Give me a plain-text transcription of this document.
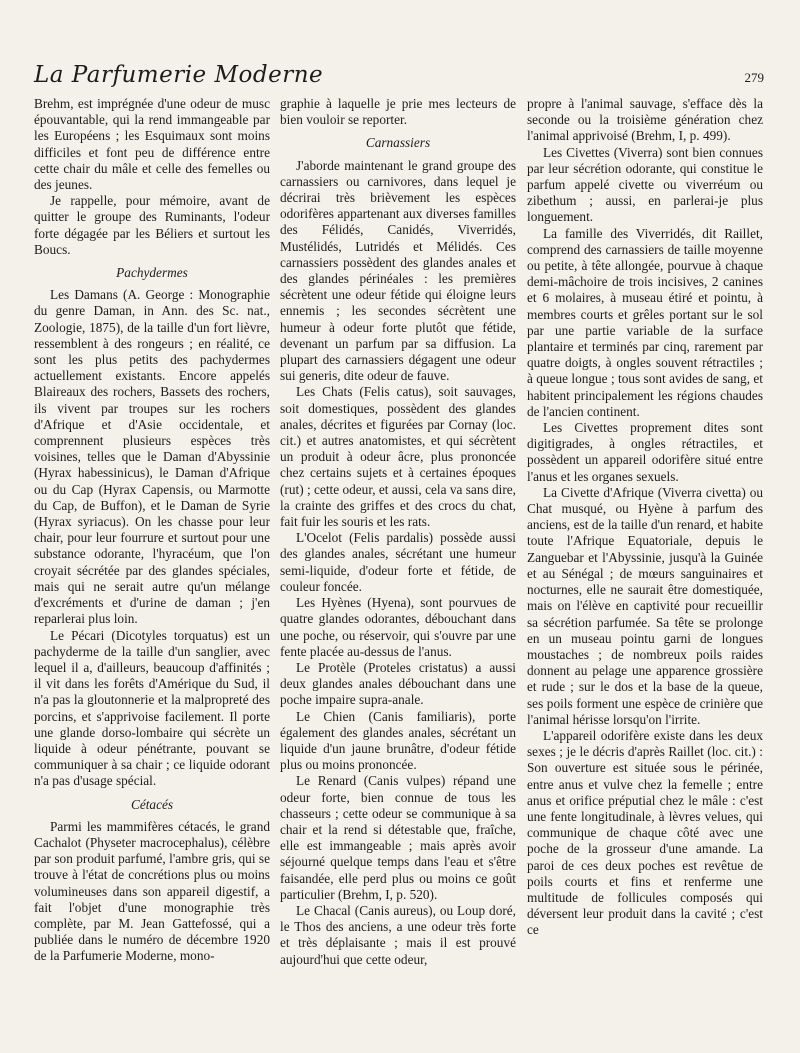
La Parfumerie Moderne	279

Brehm, est imprégnée d'une odeur de musc épouvantable, qui la rend immangeable par les Européens ; les Esquimaux sont moins difficiles et font peu de différence entre cette chair du mâle et celle des femelles ou des jeunes.

Je rappelle, pour mémoire, avant de quitter le groupe des Ruminants, l'odeur forte dégagée par les Béliers et surtout les Boucs.

Pachydermes

Les Damans (A. George : Monographie du genre Daman, in Ann. des Sc. nat., Zoologie, 1875), de la taille d'un fort lièvre, ressemblent à des rongeurs ; en réalité, ce sont les plus petits des pachydermes actuellement existants. Encore appelés Blaireaux des rochers, Bassets des rochers, ils vivent par troupes sur les rochers d'Afrique et d'Asie occidentale, et comprennent plusieurs espèces très voisines, telles que le Daman d'Abyssinie (Hyrax habessinicus), le Daman d'Afrique ou du Cap (Hyrax Capensis, ou Marmotte du Cap, de Buffon), et le Daman de Syrie (Hyrax syriacus). On les chasse pour leur chair, pour leur fourrure et surtout pour une substance odorante, l'hyracéum, que l'on croyait sécrétée par des glandes spéciales, mais qui ne serait autre qu'un mélange d'excréments et d'urine de daman ; j'en reparlerai plus loin.

Le Pécari (Dicotyles torquatus) est un pachyderme de la taille d'un sanglier, avec lequel il a, d'ailleurs, beaucoup d'affinités ; il vit dans les forêts d'Amérique du Sud, il n'a pas la gloutonnerie et la malpropreté des porcins, et s'apprivoise facilement. Il porte une glande dorso-lombaire qui sécrète un liquide à odeur pénétrante, pouvant se communiquer à sa chair ; ce liquide odorant n'a pas d'usage spécial.

Cétacés

Parmi les mammifères cétacés, le grand Cachalot (Physeter macrocephalus), célèbre par son produit parfumé, l'ambre gris, qui se trouve à l'état de concrétions plus ou moins volumineuses dans son appareil digestif, a fait l'objet d'une monographie très complète, par M. Jean Gattefossé, qui a publiée dans le numéro de décembre 1920 de la Parfumerie Moderne, mono-

graphie à laquelle je prie mes lecteurs de bien vouloir se reporter.

Carnassiers

J'aborde maintenant le grand groupe des carnassiers ou carnivores, dans lequel je décrirai très brièvement les espèces odorifères appartenant aux diverses familles des Félidés, Canidés, Viverridés, Mustélidés, Lutridés et Mélidés. Ces carnassiers possèdent des glandes anales et des glandes périnéales : les premières sécrètent une odeur fétide qui éloigne leurs ennemis ; les secondes sécrètent une humeur à odeur forte plutôt que fétide, devenant un parfum par sa diffusion. La plupart des carnassiers dégagent une odeur sui generis, dite odeur de fauve.

Les Chats (Felis catus), soit sauvages, soit domestiques, possèdent des glandes anales, décrites et figurées par Cornay (loc. cit.) et autres anatomistes, et qui sécrètent un produit à odeur âcre, plus prononcée chez certains sujets et à certaines époques (rut) ; cette odeur, et aussi, cela va sans dire, la crainte des griffes et des crocs du chat, fait fuir les souris et les rats.

L'Ocelot (Felis pardalis) possède aussi des glandes anales, sécrétant une humeur semi-liquide, d'odeur forte et fétide, de couleur foncée.

Les Hyènes (Hyena), sont pourvues de quatre glandes odorantes, débouchant dans une poche, ou réservoir, qui s'ouvre par une fente placée au-dessus de l'anus.

Le Protèle (Proteles cristatus) a aussi deux glandes anales débouchant dans une poche impaire supra-anale.

Le Chien (Canis familiaris), porte également des glandes anales, sécrétant un liquide d'un jaune brunâtre, d'odeur fétide plus ou moins prononcée.

Le Renard (Canis vulpes) répand une odeur forte, bien connue de tous les chasseurs ; cette odeur se communique à sa chair et la rend si détestable que, fraîche, elle est immangeable ; mais après avoir séjourné quelque temps dans l'eau et s'être faisandée, elle perd plus ou moins ce goût particulier (Brehm, I, p. 520).

Le Chacal (Canis aureus), ou Loup doré, le Thos des anciens, a une odeur très forte et très déplaisante ; mais il est prouvé aujourd'hui que cette odeur,

propre à l'animal sauvage, s'efface dès la seconde ou la troisième génération chez l'animal apprivoisé (Brehm, I, p. 499).

Les Civettes (Viverra) sont bien connues par leur sécrétion odorante, qui constitue le parfum appelé civette ou viverréum ou zibethum ; aussi, en parlerai-je plus longuement.

La famille des Viverridés, dit Raillet, comprend des carnassiers de taille moyenne ou petite, à tête allongée, pourvue à chaque demi-mâchoire de trois incisives, 2 canines et 6 molaires, à museau étiré et pointu, à membres courts et grêles portant sur le sol par une partie variable de la surface plantaire et terminés par cinq, rarement par quatre doigts, à ongles souvent rétractiles ; à queue longue ; tous sont avides de sang, et habitent principalement les régions chaudes de l'ancien continent.

Les Civettes proprement dites sont digitigrades, à ongles rétractiles, et possèdent un appareil odorifère situé entre l'anus et les organes sexuels.

La Civette d'Afrique (Viverra civetta) ou Chat musqué, ou Hyène à parfum des anciens, est de la taille d'un renard, et habite toute l'Afrique Equatoriale, depuis le Zanguebar et l'Abyssinie, jusqu'à la Guinée et au Sénégal ; de mœurs sanguinaires et nocturnes, elle ne saurait être domestiquée, mais on l'élève en captivité pour recueillir sa sécrétion parfumée. Sa tête se prolonge en un museau pointu garni de longues moustaches ; de nombreux poils raides donnent au pelage une apparence grossière et rude ; sur le dos et la base de la queue, ses poils forment une espèce de crinière que l'animal hérisse lorsqu'on l'irrite.

L'appareil odorifère existe dans les deux sexes ; je le décris d'après Raillet (loc. cit.) : Son ouverture est située sous le périnée, entre anus et vulve chez la femelle ; entre anus et orifice préputial chez le mâle : c'est une fente longitudinale, à lèvres velues, qui communique de chaque côté avec une poche de la grosseur d'une amande. La paroi de ces deux poches est revêtue de poils courts et fins et renferme une multitude de follicules composés qui déversent leur produit dans la cavité ; c'est ce
